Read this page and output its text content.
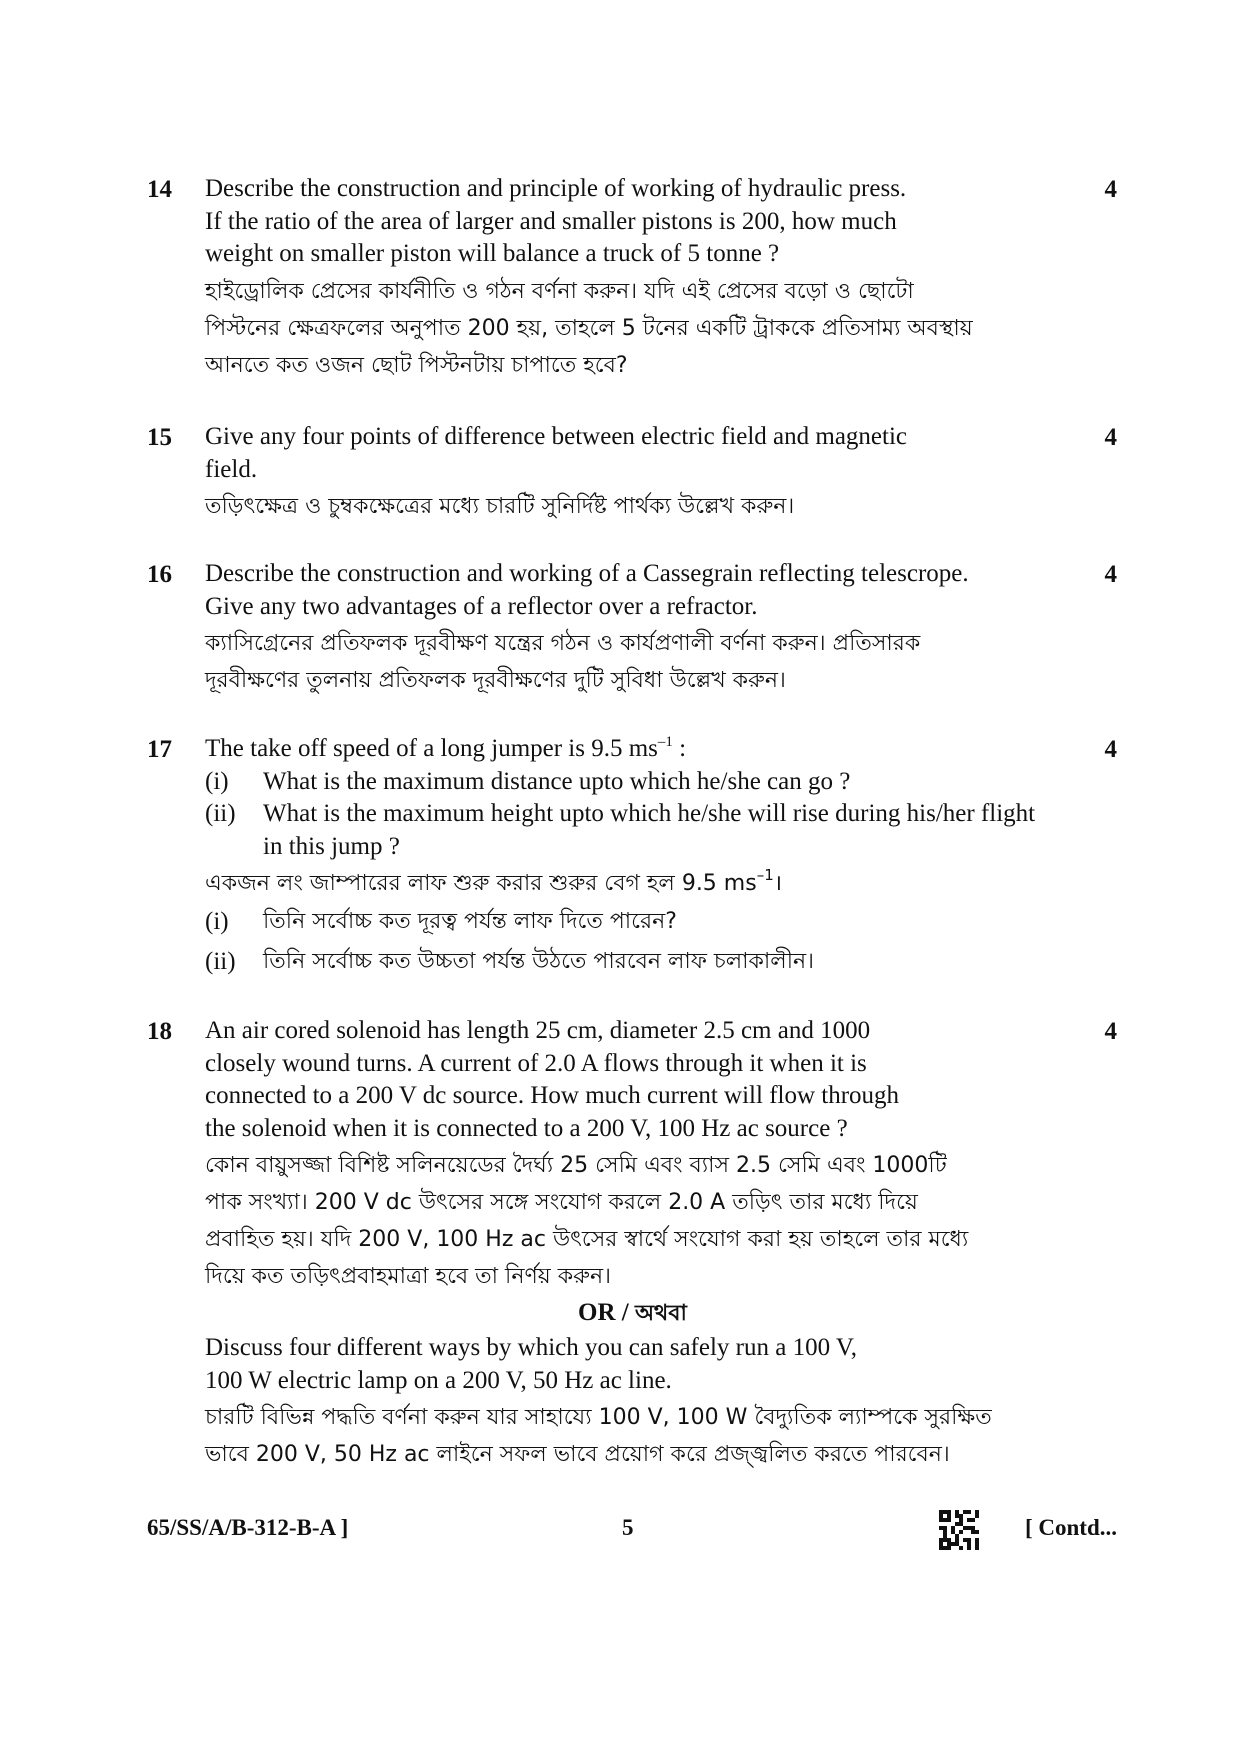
14	4

Describe the construction and principle of working of hydraulic press.

If the ratio of the area of larger and smaller pistons is 200, how much

weight on smaller piston will balance a truck of 5 tonne ?

হাইড্রোলিক প্রেসের কার্যনীতি ও গঠন বর্ণনা করুন। যদি এই প্রেসের বড়ো ও ছোটো

পিস্টনের ক্ষেত্রফলের অনুপাত 200 হয়, তাহলে 5 টনের একটি ট্রাককে প্রতিসাম্য অবস্থায়

আনতে কত ওজন ছোট পিস্টনটায় চাপাতে হবে?

15	4

Give any four points of difference between electric field and magnetic

field.

তড়িৎক্ষেত্র ও চুম্বকক্ষেত্রের মধ্যে চারটি সুনির্দিষ্ট পার্থক্য উল্লেখ করুন।

16	4

Describe the construction and working of a Cassegrain reflecting telescrope.

Give any two advantages of a reflector over a refractor.

ক্যাসিগ্রেনের প্রতিফলক দূরবীক্ষণ যন্ত্রের গঠন ও কার্যপ্রণালী বর্ণনা করুন। প্রতিসারক

দূরবীক্ষণের তুলনায় প্রতিফলক দূরবীক্ষণের দুটি সুবিধা উল্লেখ করুন।

17	4

The take off speed of a long jumper is 9.5 $ms^{-1}$ :

(i)	What is the maximum distance upto which he/she can go ?
(ii)	What is the maximum height upto which he/she will rise during his/her flight in this jump ?

একজন লং জাম্পারের লাফ শুরু করার শুরুর বেগ হল 9.5 $ms^{-1}।$

(i)	তিনি সর্বোচ্চ কত দূরত্ব পর্যন্ত লাফ দিতে পারেন?
(ii)	তিনি সর্বোচ্চ কত উচ্চতা পর্যন্ত উঠতে পারবেন লাফ চলাকালীন।
18	4

An air cored solenoid has length 25 cm, diameter 2.5 cm and 1000

closely wound turns. A current of 2.0 A flows through it when it is

connected to a 200 V dc source. How much current will flow through

the solenoid when it is connected to a 200 V, 100 Hz ac source ?

কোন বায়ুসজ্জা বিশিষ্ট সলিনয়েডের দৈর্ঘ্য 25 সেমি এবং ব্যাস 2.5 সেমি এবং 1000টি

পাক সংখ্যা। 200 V dc উৎসের সঙ্গে সংযোগ করলে 2.0 A তড়িৎ তার মধ্যে দিয়ে

প্রবাহিত হয়। যদি 200 V, 100 Hz ac উৎসের স্বার্থে সংযোগ করা হয় তাহলে তার মধ্যে

দিয়ে কত তড়িৎপ্রবাহমাত্রা হবে তা নির্ণয় করুন।

OR / অথবা

Discuss four different ways by which you can safely run a 100 V,

100 W electric lamp on a 200 V, 50 Hz ac line.

চারটি বিভিন্ন পদ্ধতি বর্ণনা করুন যার সাহায্যে 100 V, 100 W বৈদ্যুতিক ল্যাম্পকে সুরক্ষিত

ভাবে 200 V, 50 Hz ac লাইনে সফল ভাবে প্রয়োগ করে প্রজ্জ্বলিত করতে পারবেন।

65/SS/A/B-312-B-A ]	5	[ Contd...
